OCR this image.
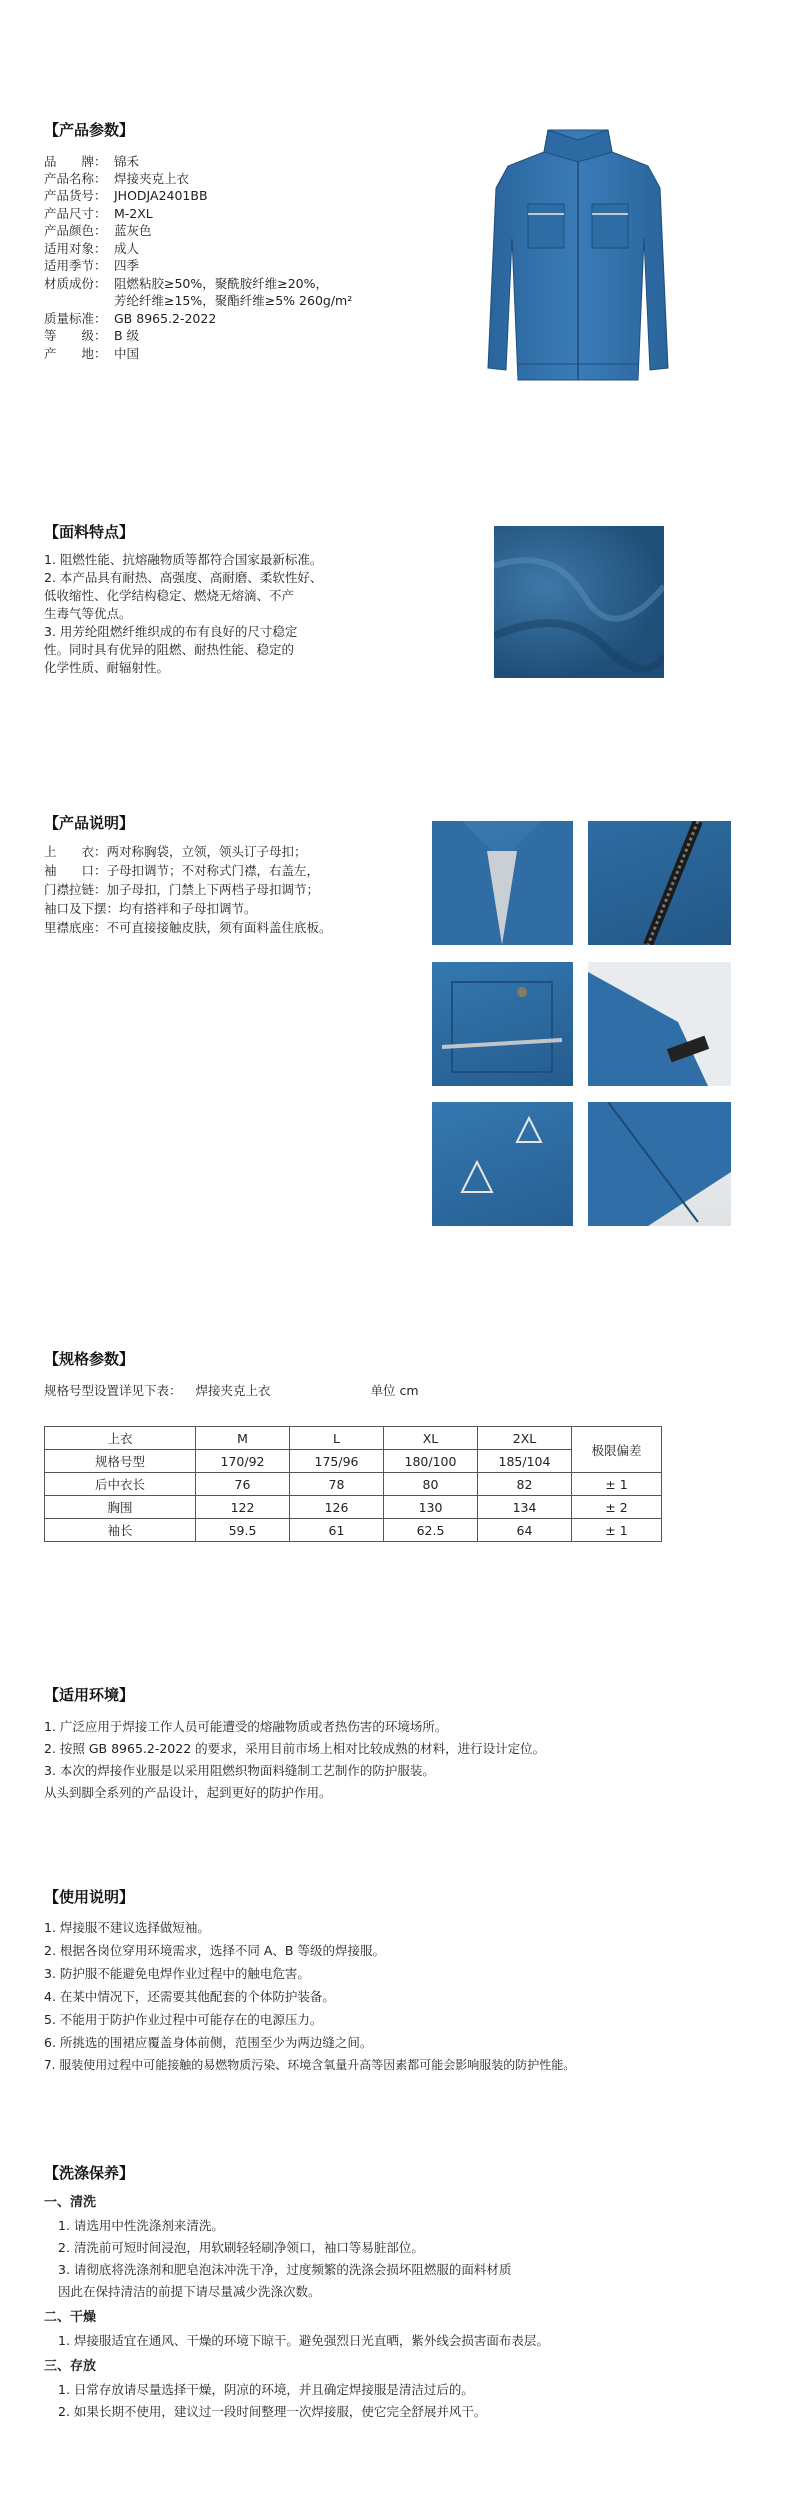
【产品参数】
品　　牌： 锦禾
产品名称： 焊接夹克上衣
产品货号： JHODJA2401BB
产品尺寸： M-2XL
产品颜色： 蓝灰色
适用对象： 成人
适用季节： 四季
材质成份： 阻燃粘胶≥50%，聚酰胺纤维≥20%，
芳纶纤维≥15%，聚酯纤维≥5% 260g/m²
质量标准： GB 8965.2-2022
等　　级： B 级
产　　地： 中国
【面料特点】
1. 阻燃性能、抗熔融物质等都符合国家最新标准。
2. 本产品具有耐热、高强度、高耐磨、柔软性好、
低收缩性、化学结构稳定、燃烧无熔滴、不产
生毒气等优点。
3. 用芳纶阻燃纤维织成的布有良好的尺寸稳定
性。同时具有优异的阻燃、耐热性能、稳定的
化学性质、耐辐射性。
【产品说明】
上　　衣：两对称胸袋，立领，领头订子母扣；
袖　　口：子母扣调节；不对称式门襟，右盖左，
门襟拉链：加子母扣，门禁上下两档子母扣调节；
袖口及下摆：均有搭袢和子母扣调节。
里襟底座：不可直接接触皮肤，须有面料盖住底板。
【规格参数】
规格号型设置详见下表： 焊接夹克上衣	单位 cm
上衣	M	L	XL	2XL	极限偏差
规格号型	170/92	175/96	180/100	185/104	
后中衣长	76	78	80	82	± 1
胸围	122	126	130	134	± 2
袖长	59.5	61	62.5	64	± 1
【适用环境】
1. 广泛应用于焊接工作人员可能遭受的熔融物质或者热伤害的环境场所。
2. 按照 GB 8965.2-2022 的要求，采用目前市场上相对比较成熟的材料，进行设计定位。
3. 本次的焊接作业服是以采用阻燃织物面料缝制工艺制作的防护服装。
从头到脚全系列的产品设计，起到更好的防护作用。
【使用说明】
1. 焊接服不建议选择做短袖。
2. 根据各岗位穿用环境需求，选择不同 A、B 等级的焊接服。
3. 防护服不能避免电焊作业过程中的触电危害。
4. 在某中情况下，还需要其他配套的个体防护装备。
5. 不能用于防护作业过程中可能存在的电源压力。
6. 所挑选的围裙应覆盖身体前侧，范围至少为两边缝之间。
7. 服装使用过程中可能接触的易燃物质污染、环境含氧量升高等因素都可能会影响服装的防护性能。
【洗涤保养】
一、清洗
1. 请选用中性洗涤剂来清洗。
2. 清洗前可短时间浸泡，用软刷轻轻刷净领口，袖口等易脏部位。
3. 请彻底将洗涤剂和肥皂泡沫冲洗干净，过度频繁的洗涤会损坏阻燃服的面料材质
因此在保持清洁的前提下请尽量减少洗涤次数。
二、干燥
1. 焊接服适宜在通风、干燥的环境下晾干。避免强烈日光直晒，紫外线会损害面布表层。
三、存放
1. 日常存放请尽量选择干燥，阴凉的环境，并且确定焊接服是清洁过后的。
2. 如果长期不使用，建议过一段时间整理一次焊接服，使它完全舒展并风干。
